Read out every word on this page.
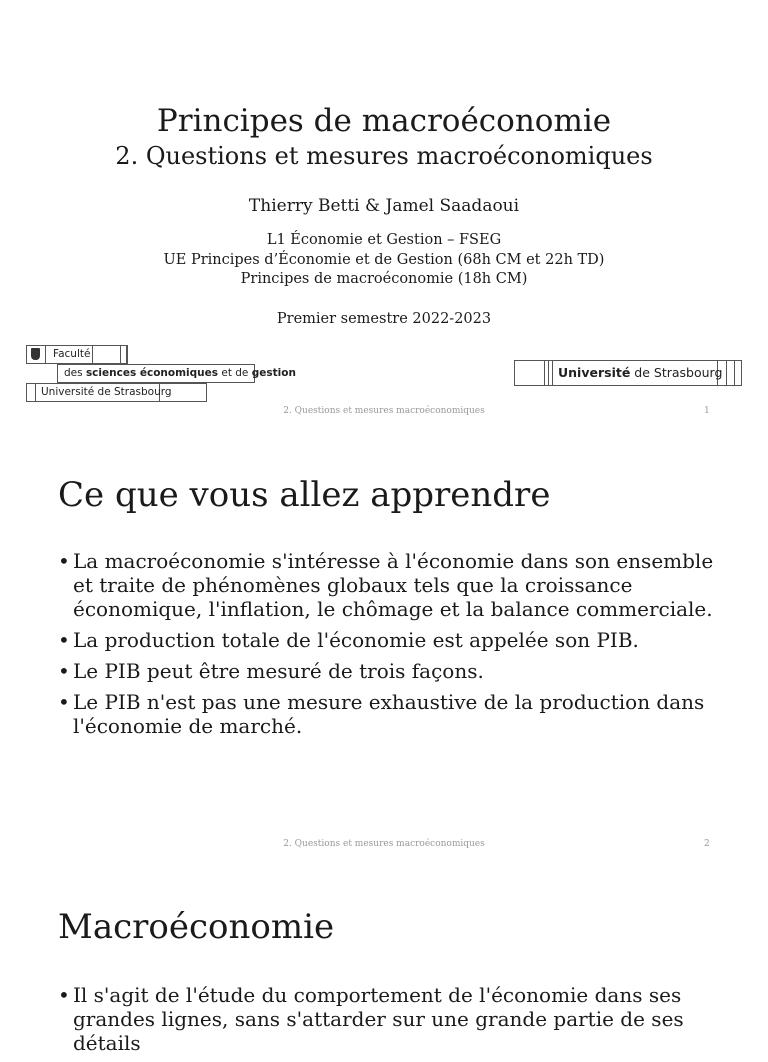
Principes de macroéconomie
2. Questions et mesures macroéconomiques
Thierry Betti & Jamel Saadaoui
L1 Économie et Gestion – FSEG
UE Principes d’Économie et de Gestion (68h CM et 22h TD)
Principes de macroéconomie (18h CM)
Premier semestre 2022-2023
Faculté
des sciences économiques et de gestion
Université de Strasbourg
Université de Strasbourg
2. Questions et mesures macroéconomiques	1
Ce que vous allez apprendre
• La macroéconomie s'intéresse à l'économie dans son ensemble et traite de phénomènes globaux tels que la croissance économique, l'inflation, le chômage et la balance commerciale.
• La production totale de l'économie est appelée son PIB.
• Le PIB peut être mesuré de trois façons.
• Le PIB n'est pas une mesure exhaustive de la production dans l'économie de marché.
2. Questions et mesures macroéconomiques	2
Macroéconomie
• Il s'agit de l'étude du comportement de l'économie dans ses grandes lignes, sans s'attarder sur une grande partie de ses détails
